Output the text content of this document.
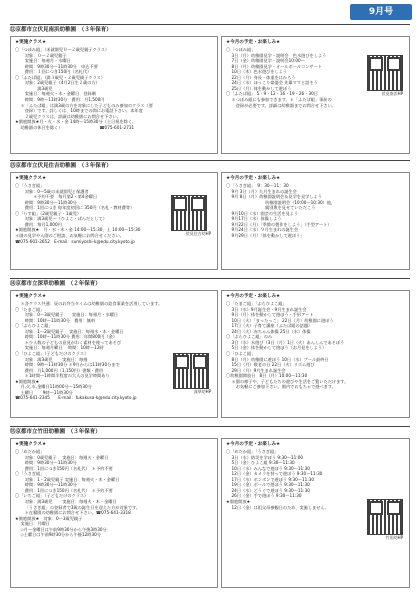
9月号
⑫京都市立伏見南浜幼稚園　（３年保育）
★実施クラス★
〇「つぼみ組」（未就園児０〜２歳児親子クラス）
　　 対象：０〜２歳児親子
　　 実施日：毎週月・水曜日
　　 時間：9時30分〜11時30分　申込不要
　　 費用：１回につき150円（名札代）
〇「ふたば組」（満３歳児・２歳児親子クラス）
　　 対象：2歳児親子（4月2日生２歳の方）
　　　　　 満3歳児
　　 実施日：毎週火・木・金曜日　登録制
　　 時間：9時～11時30分　費用：月1,500円
　 ＊「ふたば組」は満3歳の方を対象にした子どものみ参加のクラス（要
　　 登録）です。詳しくは、10時までの間にお電話下さい。本年度
　　 ２歳児クラスは、詳細は幼稚園にお問合せ下さい。
★園庭開放★月・火・水・金 14時〜15時30分（土日祝を除く、
　 幼稚園の休日を除く）　　　　　　　　　 ☎075-601-2731
★今月の予定・お楽しみ★
〇「つぼみ組」
　 3日（月）幼稚園見学・説明会　色水遊びをしよう
　 7日（金）幼稚園見学・説明会10:00〜
　 8日（月）幼稚園見学・オールボールコンサート
　 10日（木）色水遊びをしよう
　 22日（月）身長・体重をはかろう
　 24日（水）ほっこり楽器会 先輩ママと話そう
　 25日（月）体を動かして遊ぼう
〇「ふたば組」 5・9・12・16・19・26・30日
　 ＊つぼみ組にも参加できます。＊「ふたば組」事前の
　　 登録が必要です。詳細は幼稚園までお問合せ下さい。
伏見南浜HP
⑬京都市立伏見住吉幼稚園　（３年保育）
★実施クラス★
〇「うさぎ組」
　　 対象：0〜5歳の未就園児と保護者
　　　　 ＊予約不要　毎月第2・第4金曜日
　　 時間：9時30分〜11時30分
　　 費用：1回につき 毎年度初回に 350円（名札・教材費等）
〇「りす組」（2歳児親子・1歳児）
　　 対象：満3歳児〜（ひよこ・ぱんだとして）
　　 費用：毎月1,000円
★園庭開放★　月・水・木・金 14:00〜15:30、土 10:00〜15:30
＊園の見学や入園のご相談、お気軽にお問合せください。
☎075-601-2652　E-mail：sumiyoshi-k@edu.city.kyoto.jp
伏見住吉幼HP
★今月の予定・お楽しみ★
〇「うさぎ組」　9：30〜11：30
　 9月 3日（月）九月生まれの誕生会
　 9月 8日（月）幼稚園説明会＆見学を見学しよう
　　　　　　　　　 幼稚園説明会（10:00〜10:30）他，
　　　　　　　　　 親別衆を見せていただこう
　 9月10日（水）園芸の生活を見よう
　 9月17日（水）体操しよう
　 9月22日（月）「季節の製作をしよう」（手型アート）
　 9月24日（水）９月生まれの誕生会
　 9月29日（月）「体を動かして遊ぼう」
⑭京都市立深草幼稚園　（２年保育）
★実施クラス★
　 ＊各クラス共通：昼のお弁当タイムは幼稚園の給食事業を活用しています。
〇「たまご組」
　　 対象：0〜3歳児親子　　実施日：毎週月・水曜日
　　 時間：10時〜11時30分　費用：無料
〇「ぶらひよこ組」
　　 対象：1〜2歳児親子　 実施日：毎週水・木・金曜日
　　 時間：10時〜11時30分 費用：年間800円（金）
　　 ＊少人数の子どもの意見がわく素材を使ってあそび
　　 実施日：毎週月曜日　 時間：10時〜12時
〇「ひよこ組」（子どもだけのクラス）
　　 対象：満3歳児　　 実施日：毎週
　　 時間：9時〜11時30分 ＊9月からは11時30分まで
　　 費用：月1,000円（1,150円）書類・費用
　　 ＊1時間〜1時間半程度の大人の見学時間あり
★園庭開放★
　 月,火,水,金曜日11時00分〜15時30分
　 土曜日　　 9時〜11時30分
☎075-641-2345　　E-mail：fukakusa-k@edu.city.kyoto.jp
深草幼HP
★今月の予定・お楽しみ★
〇「たまご組」「ぶらひよこ組」
　 3日（水）9月誕生会・9月生まれ誕生会
　 9日（月）体を動かして遊ぼう・手形アート
　 10日（火）「まったっこ」 22日（月）幼稚園に遊ぼう
　 17日（火）子育て講座（ふたば組の話題）
　 24日（火）赤ちゃん体操 25日（水）体操
〇「ぶらひよこ組」のみ
　 3日（水）水遊び（3日（月）1日（火）あんしんであそぼう
　 5日（金）体を動かして遊ぼう（お月見をしよう）
〇「ひよこ組」
　 8日（月）幼稚園に遊ぼう 10日（水）プール最終日
　 15日（月）敬老の日 22日（火）リズム遊び
　 29日（月）9月生まれ誕生会
〇幼稚園開放日　8日（月）10:00〜11:30
　 ＊園の様子や、子どもたちの遊びや生活をご覧いただけます。
　　 お気軽にご参加下さい。園内でおもちゃで遊べます。
⑮京都市立竹田幼稚園　（３年保育）
★実施クラス★
〇「めだか組」
　　 対象：0歳児親子　 実施日：毎週火・金曜日
　　 時間：9時30分〜11時30分
　　 費用：1回につき150円（名札代）　＊予約不要
〇「うさぎ組」
　　 対象：1・2歳児親子 実施日：毎週火・木・金曜日
　　 時間：9時30分〜11時30分
　　 費用：1回につき150円（名札代）　＊予約不要
〇「いちご組」（子どもだけのクラス）
　　 対象：満3歳児　　 実施日：毎週火・木・金曜日
　　 「うさぎ組」の登録者で3歳の誕生日を迎えた方が対象です。
　　 ＊在籍園の幼稚園にお問合せ下さい。☎075-641-3318
★園庭開放★　対象：0〜3歳児親子
　 実施日：月曜日
　 ◇月〜金曜日は午前9時30分から午後3時30分
　 ◇土曜日は午前9時30分から午後12時30分
★今月の予定・お楽しみ★
〇「めだか組」「うさぎ組」
　 3日（水）防災を学ぼう 9:30〜11:00
　 5日（金）ひよこ組 9:30〜11:30
　 10日（水）みんなで遊ぼう 9:30〜11:30
　 12日（金）カメラを持って遊ぼう 9:30〜11:30
　 17日（水）ボンボンで遊ぼう 9:30〜11:30
　 19日（金）ボールで遊ぼう 9:30〜11:30
　 24日（水）どうぐで遊ぼう 9:30〜11:30
　 26日（金）手で遊ぼう 9:30〜11:30
★園庭開放★
　 12日（金）は祖父母参観日のため、実施しません。
竹田幼HP
